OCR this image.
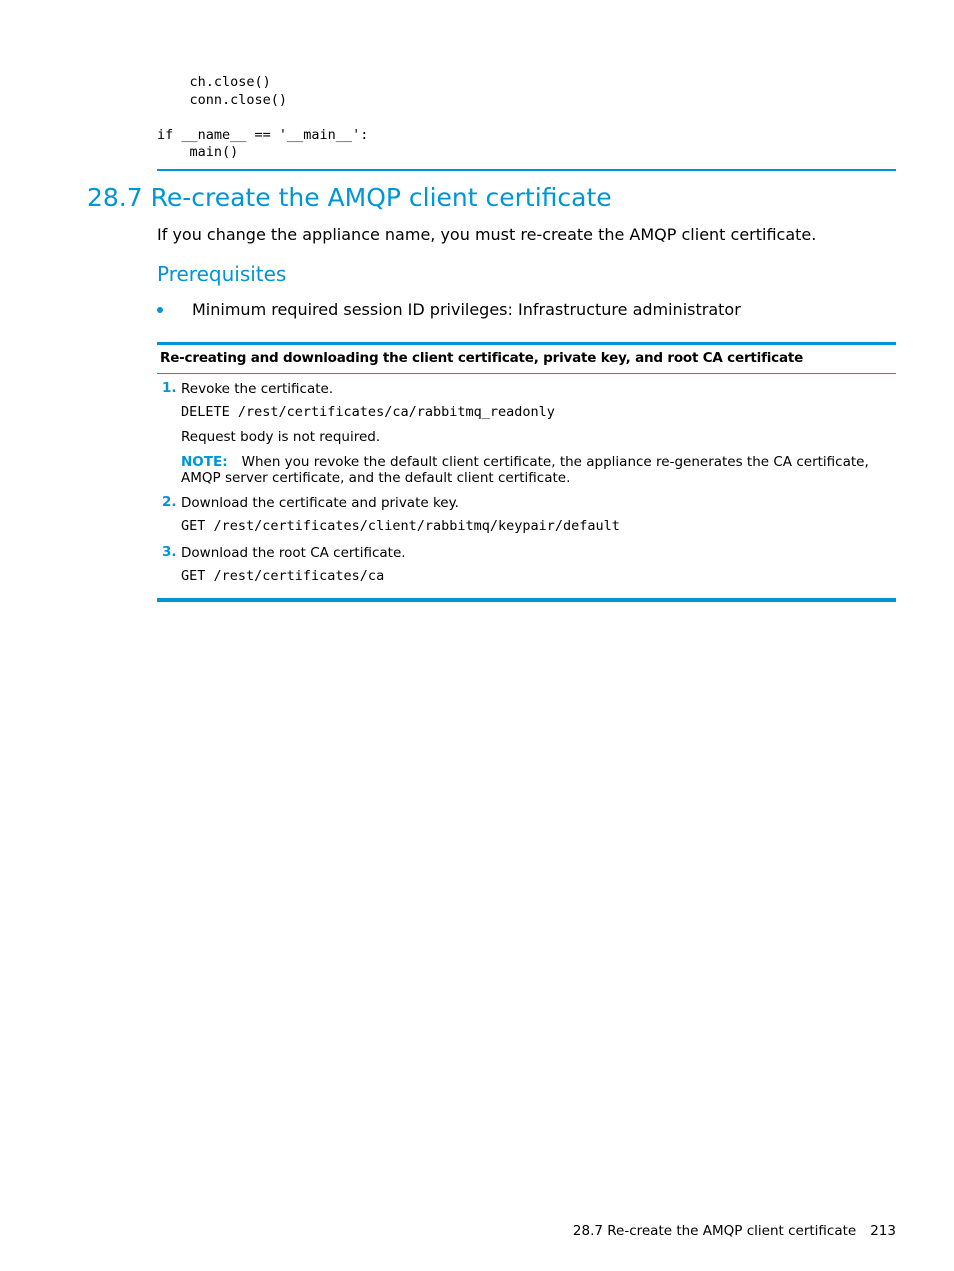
ch.close()
conn.close()

if __name__ == '__main__':
main()
28.7 Re-create the AMQP client certificate

If you change the appliance name, you must re-create the AMQP client certificate.

Prerequisites
Minimum required session ID privileges: Infrastructure administrator

Re-creating and downloading the client certificate, private key, and root CA certificate

1. Revoke the certificate.

DELETE /rest/certificates/ca/rabbitmq_readonly

Request body is not required.

NOTE: When you revoke the default client certificate, the appliance re-generates the CA certificate, AMQP server certificate, and the default client certificate.

2. Download the certificate and private key.

GET /rest/certificates/client/rabbitmq/keypair/default
3. Download the root CA certificate.

GET /rest/certificates/ca
28.7 Re-create the AMQP client certificate 213
